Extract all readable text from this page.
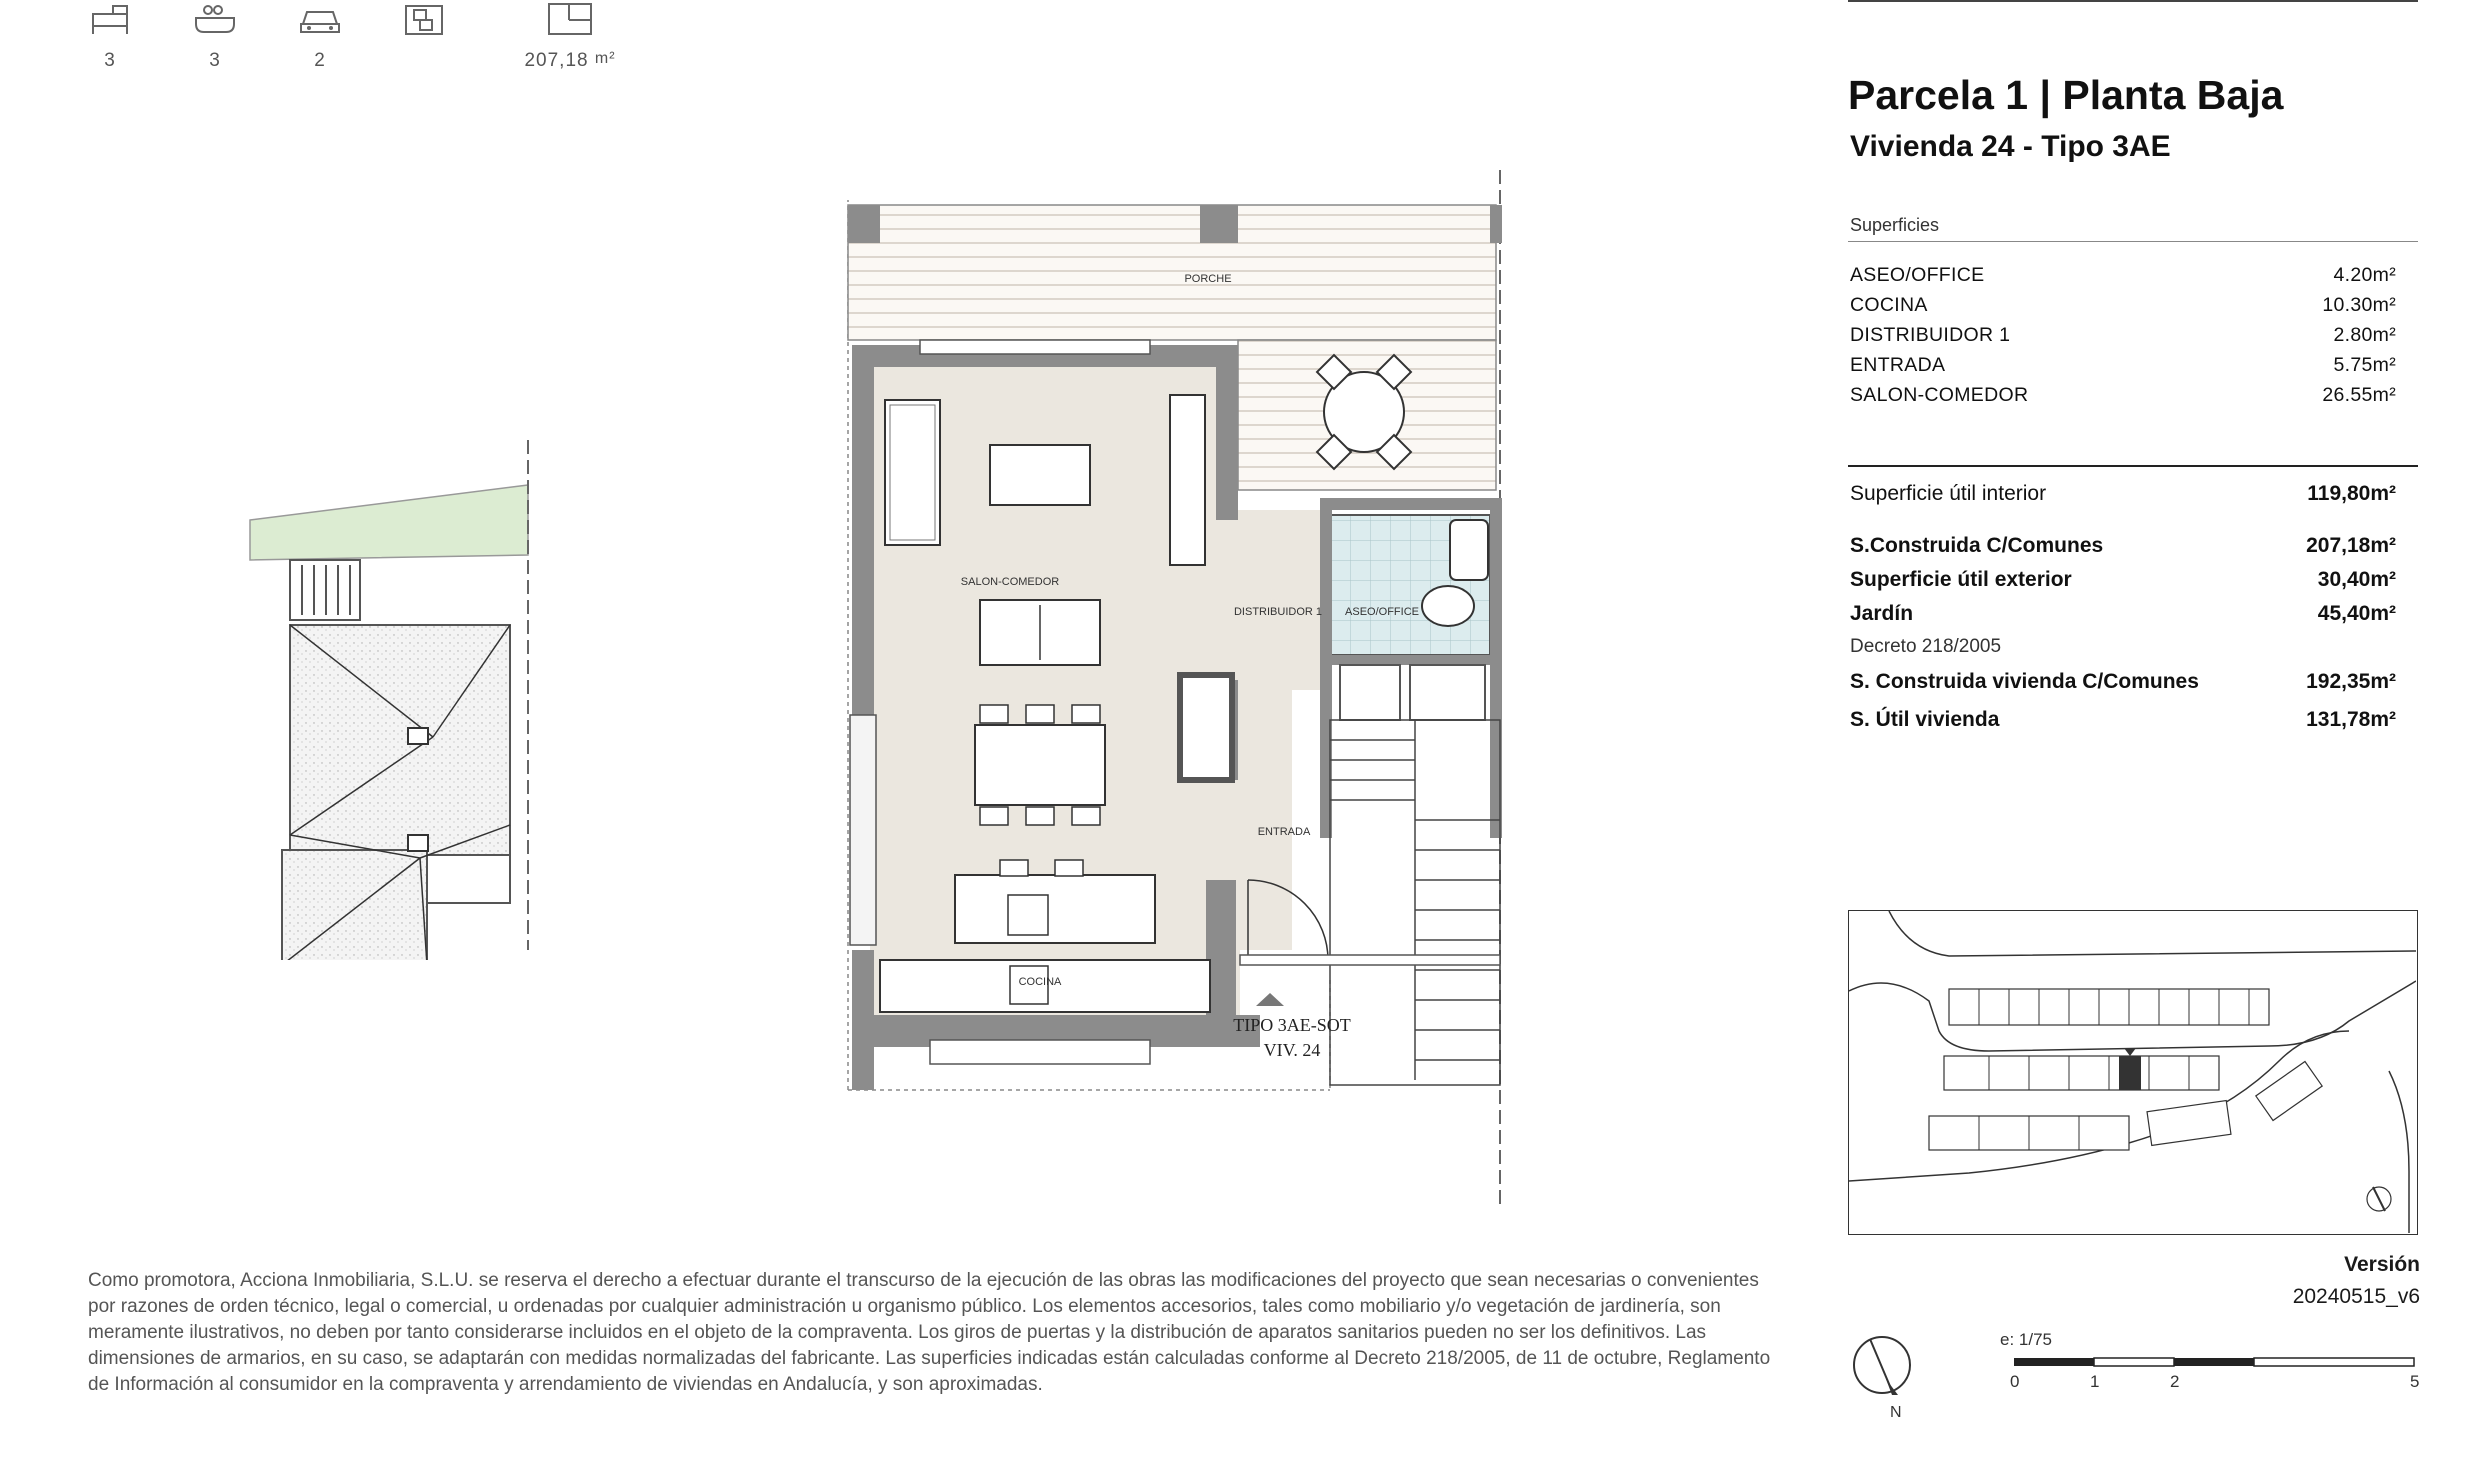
3	3	2	207,18 $^{m^2}$
PORCHE
SALON-COMEDOR
DISTRIBUIDOR 1 ASEO/OFFICE
ENTRADA
COCINA
TIPO 3AE-SOT
VIV. 24
Parcela 1 | Planta Baja
Vivienda 24 - Tipo 3AE
Superficies
ASEO/OFFICE	4.20m²
COCINA	10.30m²
DISTRIBUIDOR 1	2.80m²
ENTRADA	5.75m²
SALON-COMEDOR	26.55m²
Superficie útil interior	119,80m²
S.Construida C/Comunes	207,18m²
Superficie útil exterior	30,40m²
Jardín	45,40m²
Decreto 218/2005
S. Construida vivienda C/Comunes	192,35m²
S. Útil vivienda	131,78m²
Versión
20240515_v6
N
e: 1/75
0	1	2	5
Como promotora, Acciona Inmobiliaria, S.L.U. se reserva el derecho a efectuar durante el transcurso de la ejecución de las obras las modificaciones del proyecto que sean necesarias o convenientes por razones de orden técnico, legal o comercial, u ordenadas por cualquier administración u organismo público. Los elementos accesorios, tales como mobiliario y/o vegetación de jardinería, son meramente ilustrativos, no deben por tanto considerarse incluidos en el objeto de la compraventa. Los giros de puertas y la distribución de aparatos sanitarios pueden no ser los definitivos. Las dimensiones de armarios, en su caso, se adaptarán con medidas normalizadas del fabricante. Las superficies indicadas están calculadas conforme al Decreto 218/2005, de 11 de octubre, Reglamento de Información al consumidor en la compraventa y arrendamiento de viviendas en Andalucía, y son aproximadas.
